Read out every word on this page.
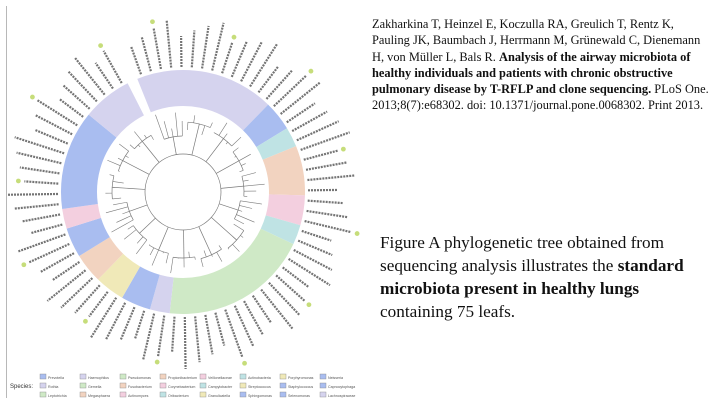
Species:
Prevotella	Haemophilus	Pseudomonas	Propionibacterium	Veillonellaceae	Actinobacteria	Porphyromonas	Neisseria
Rothia	Gemella	Fusobacterium	Corynebacterium	Campylobacter	Streptococcus	Staphylococcus	Capnocytophaga
Leptotrichia	Megasphaera	Actinomyces	Oribacterium	Granulicatella	Sphingomonas	Selenomonas	Lachnospiraceae
Zakharkina T, Heinzel E, Koczulla RA, Greulich T, Rentz K, Pauling JK, Baumbach J, Herrmann M, Grünewald C, Dienemann H, von Müller L, Bals R. Analysis of the airway microbiota of healthy individuals and patients with chronic obstructive pulmonary disease by T-RFLP and clone sequencing. PLoS One. 2013;8(7):e68302. doi: 10.1371/journal.pone.0068302. Print 2013.
Figure A phylogenetic tree obtained from sequencing analysis illustrates the standard microbiota present in healthy lungs containing 75 leafs.
